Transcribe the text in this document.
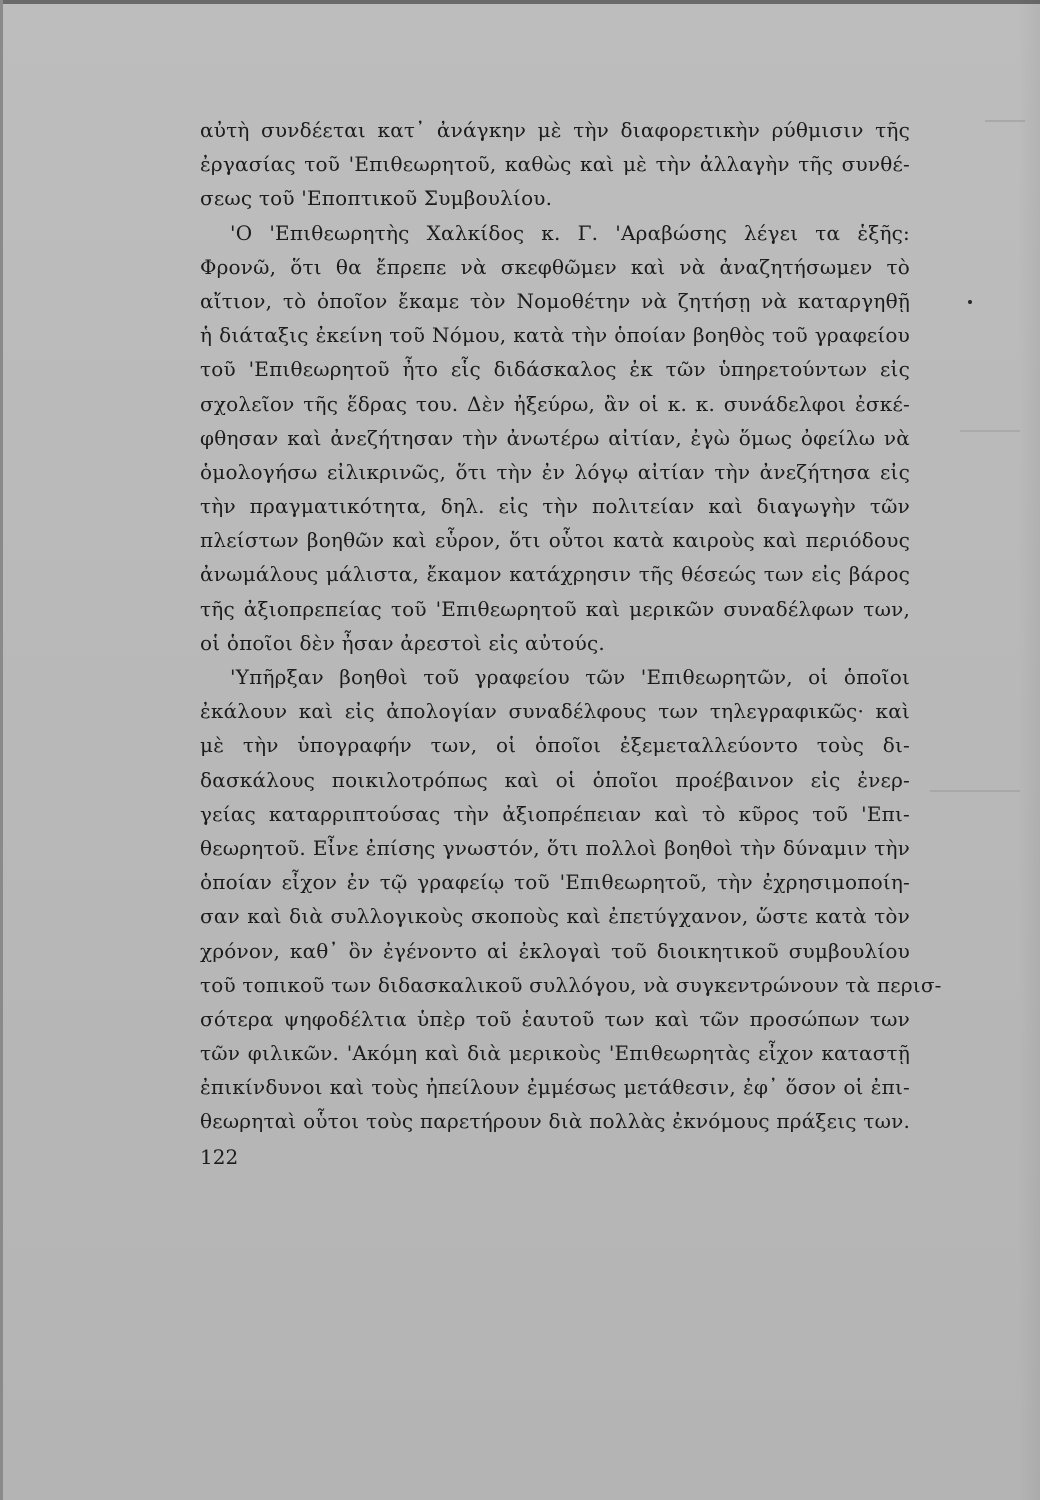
αὐτὴ συνδέεται κατ᾽ ἀνάγκην μὲ τὴν διαφορετικὴν ρύθμισιν τῆς
ἐργασίας τοῦ 'Επιθεωρητοῦ, καθὼς καὶ μὲ τὴν ἀλλαγὴν τῆς συνθέ-
σεως τοῦ 'Εποπτικοῦ Συμβουλίου.
'Ο 'Επιθεωρητὴς Χαλκίδος κ. Γ. 'Αραβώσης λέγει τα ἑξῆς:
Φρονῶ, ὅτι θα ἔπρεπε νὰ σκεφθῶμεν καὶ νὰ ἀναζητήσωμεν τὸ
αἴτιον, τὸ ὁποῖον ἔκαμε τὸν Νομοθέτην νὰ ζητήσῃ νὰ καταργηθῇ
ἡ διάταξις ἐκείνη τοῦ Νόμου, κατὰ τὴν ὁποίαν βοηθὸς τοῦ γραφείου
τοῦ 'Επιθεωρητοῦ ἦτο εἷς διδάσκαλος ἐκ τῶν ὑπηρετούντων εἰς
σχολεῖον τῆς ἕδρας του. Δὲν ἠξεύρω, ἂν οἱ κ. κ. συνάδελφοι ἐσκέ-
φθησαν καὶ ἀνεζήτησαν τὴν ἀνωτέρω αἰτίαν, ἐγὼ ὅμως ὀφείλω νὰ
ὁμολογήσω εἰλικρινῶς, ὅτι τὴν ἐν λόγῳ αἰτίαν τὴν ἀνεζήτησα εἰς
τὴν πραγματικότητα, δηλ. εἰς τὴν πολιτείαν καὶ διαγωγὴν τῶν
πλείστων βοηθῶν καὶ εὗρον, ὅτι οὗτοι κατὰ καιροὺς καὶ περιόδους
ἀνωμάλους μάλιστα, ἔκαμον κατάχρησιν τῆς θέσεώς των εἰς βάρος
τῆς ἀξιοπρεπείας τοῦ 'Επιθεωρητοῦ καὶ μερικῶν συναδέλφων των,
οἱ ὁποῖοι δὲν ἦσαν ἀρεστοὶ εἰς αὐτούς.
'Υπῆρξαν βοηθοὶ τοῦ γραφείου τῶν 'Επιθεωρητῶν, οἱ ὁποῖοι
ἐκάλουν καὶ εἰς ἀπολογίαν συναδέλφους των τηλεγραφικῶς· καὶ
μὲ τὴν ὑπογραφήν των, οἱ ὁποῖοι ἐξεμεταλλεύοντο τοὺς δι-
δασκάλους ποικιλοτρόπως καὶ οἱ ὁποῖοι προέβαινον εἰς ἐνερ-
γείας καταρριπτούσας τὴν ἀξιοπρέπειαν καὶ τὸ κῦρος τοῦ 'Επι-
θεωρητοῦ. Εἶνε ἐπίσης γνωστόν, ὅτι πολλοὶ βοηθοὶ τὴν δύναμιν τὴν
ὁποίαν εἶχον ἐν τῷ γραφείῳ τοῦ 'Επιθεωρητοῦ, τὴν ἐχρησιμοποίη-
σαν καὶ διὰ συλλογικοὺς σκοποὺς καὶ ἐπετύγχανον, ὥστε κατὰ τὸν
χρόνον, καθ᾽ ὃν ἐγένοντο αἱ ἐκλογαὶ τοῦ διοικητικοῦ συμβουλίου
τοῦ τοπικοῦ των διδασκαλικοῦ συλλόγου, νὰ συγκεντρώνουν τὰ περισ-
σότερα ψηφοδέλτια ὑπὲρ τοῦ ἑαυτοῦ των καὶ τῶν προσώπων των
τῶν φιλικῶν. 'Ακόμη καὶ διὰ μερικοὺς 'Επιθεωρητὰς εἶχον καταστῇ
ἐπικίνδυνοι καὶ τοὺς ἠπείλουν ἐμμέσως μετάθεσιν, ἐφ᾽ ὅσον οἱ ἐπι-
θεωρηταὶ οὗτοι τοὺς παρετήρουν διὰ πολλὰς ἐκνόμους πράξεις των.
122
